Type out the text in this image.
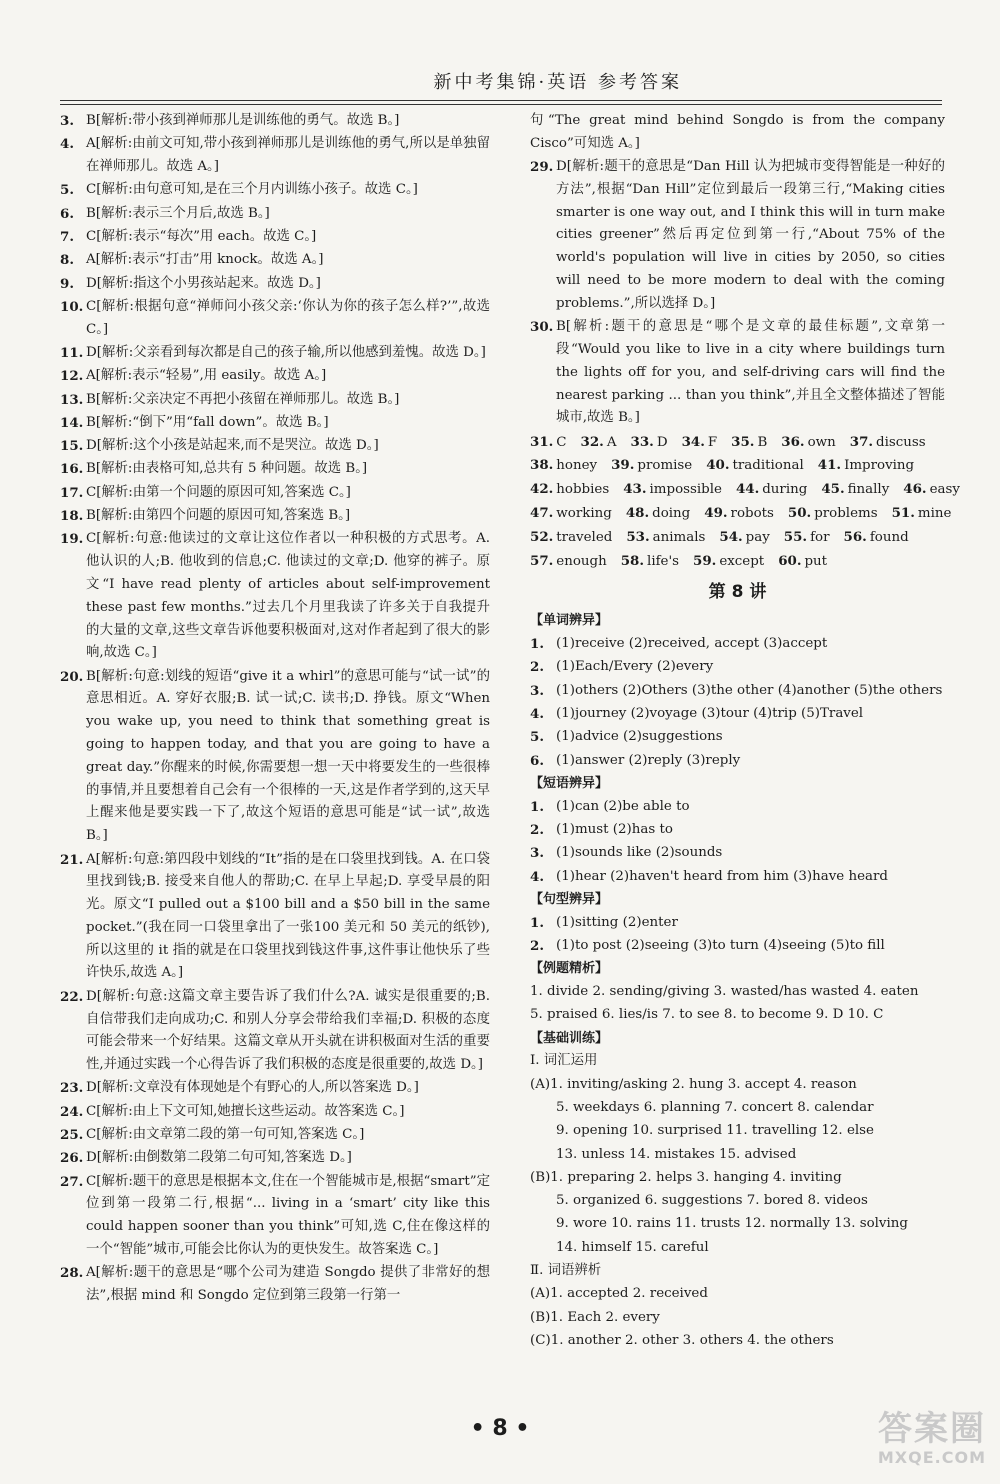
新中考集锦·英语 参考答案
3. B[解析:带小孩到禅师那儿是训练他的勇气。故选 B。]
4. A[解析:由前文可知,带小孩到禅师那儿是训练他的勇气,所以是单独留在禅师那儿。故选 A。]
5. C[解析:由句意可知,是在三个月内训练小孩子。故选 C。]
6. B[解析:表示三个月后,故选 B。]
7. C[解析:表示“每次”用 each。故选 C。]
8. A[解析:表示“打击”用 knock。故选 A。]
9. D[解析:指这个小男孩站起来。故选 D。]
10. C[解析:根据句意“禅师问小孩父亲:‘你认为你的孩子怎么样?’”,故选 C。]
11. D[解析:父亲看到每次都是自己的孩子输,所以他感到羞愧。故选 D。]
12. A[解析:表示“轻易”,用 easily。故选 A。]
13. B[解析:父亲决定不再把小孩留在禅师那儿。故选 B。]
14. B[解析:“倒下”用“fall down”。故选 B。]
15. D[解析:这个小孩是站起来,而不是哭泣。故选 D。]
16. B[解析:由表格可知,总共有 5 种问题。故选 B。]
17. C[解析:由第一个问题的原因可知,答案选 C。]
18. B[解析:由第四个问题的原因可知,答案选 B。]
19. C[解析:句意:他读过的文章让这位作者以一种积极的方式思考。A. 他认识的人;B. 他收到的信息;C. 他读过的文章;D. 他穿的裤子。原文“I have read plenty of articles about self-improvement these past few months.”过去几个月里我读了许多关于自我提升的大量的文章,这些文章告诉他要积极面对,这对作者起到了很大的影响,故选 C。]
20. B[解析:句意:划线的短语“give it a whirl”的意思可能与“试一试”的意思相近。A. 穿好衣服;B. 试一试;C. 读书;D. 挣钱。原文“When you wake up, you need to think that something great is going to happen today, and that you are going to have a great day.”你醒来的时候,你需要想一想一天中将要发生的一些很棒的事情,并且要想着自己会有一个很棒的一天,这是作者学到的,这天早上醒来他是要实践一下了,故这个短语的意思可能是“试一试”,故选 B。]
21. A[解析:句意:第四段中划线的“It”指的是在口袋里找到钱。A. 在口袋里找到钱;B. 接受来自他人的帮助;C. 在早上早起;D. 享受早晨的阳光。原文“I pulled out a $100 bill and a $50 bill in the same pocket.”(我在同一口袋里拿出了一张100 美元和 50 美元的纸钞),所以这里的 it 指的就是在口袋里找到钱这件事,这件事让他快乐了些许快乐,故选 A。]
22. D[解析:句意:这篇文章主要告诉了我们什么?A. 诚实是很重要的;B. 自信带我们走向成功;C. 和别人分享会带给我们幸福;D. 积极的态度可能会带来一个好结果。这篇文章从开头就在讲积极面对生活的重要性,并通过实践一个心得告诉了我们积极的态度是很重要的,故选 D。]
23. D[解析:文章没有体现她是个有野心的人,所以答案选 D。]
24. C[解析:由上下文可知,她擅长这些运动。故答案选 C。]
25. C[解析:由文章第二段的第一句可知,答案选 C。]
26. D[解析:由倒数第二段第二句可知,答案选 D。]
27. C[解析:题干的意思是根据本文,住在一个智能城市是,根据“smart”定位到第一段第二行,根据“... living in a ‘smart’ city like this could happen sooner than you think”可知,选 C,住在像这样的一个“智能”城市,可能会比你认为的更快发生。故答案选 C。]
28. A[解析:题干的意思是“哪个公司为建造 Songdo 提供了非常好的想法”,根据 mind 和 Songdo 定位到第三段第一行第一
句“The great mind behind Songdo is from the company Cisco”可知选 A。]
29. D[解析:题干的意思是“Dan Hill 认为把城市变得智能是一种好的方法”,根据“Dan Hill”定位到最后一段第三行,“Making cities smarter is one way out, and I think this will in turn make cities greener”然后再定位到第一行,“About 75% of the world's population will live in cities by 2050, so cities will need to be more modern to deal with the coming problems.”,所以选择 D。]
30. B[解析:题干的意思是“哪个是文章的最佳标题”,文章第一段“Would you like to live in a city where buildings turn the lights off for you, and self-driving cars will find the nearest parking ... than you think”,并且全文整体描述了智能城市,故选 B。]
31. C 32. A 33. D 34. F 35. B 36. own 37. discuss
38. honey 39. promise 40. traditional 41. Improving
42. hobbies 43. impossible 44. during 45. finally 46. easy
47. working 48. doing 49. robots 50. problems 51. mine
52. traveled 53. animals 54. pay 55. for 56. found
57. enough 58. life's 59. except 60. put
第 8 讲
【单词辨异】
1. (1)receive (2)received, accept (3)accept
2. (1)Each/Every (2)every
3. (1)others (2)Others (3)the other (4)another (5)the others
4. (1)journey (2)voyage (3)tour (4)trip (5)Travel
5. (1)advice (2)suggestions
6. (1)answer (2)reply (3)reply
【短语辨异】
1. (1)can (2)be able to
2. (1)must (2)has to
3. (1)sounds like (2)sounds
4. (1)hear (2)haven't heard from him (3)have heard
【句型辨异】
1. (1)sitting (2)enter
2. (1)to post (2)seeing (3)to turn (4)seeing (5)to fill
【例题精析】
1. divide 2. sending/giving 3. wasted/has wasted 4. eaten
5. praised 6. lies/is 7. to see 8. to become 9. D 10. C
【基础训练】
Ⅰ. 词汇运用
(A)1. inviting/asking 2. hung 3. accept 4. reason
5. weekdays 6. planning 7. concert 8. calendar
9. opening 10. surprised 11. travelling 12. else
13. unless 14. mistakes 15. advised
(B)1. preparing 2. helps 3. hanging 4. inviting
5. organized 6. suggestions 7. bored 8. videos
9. wore 10. rains 11. trusts 12. normally 13. solving
14. himself 15. careful
Ⅱ. 词语辨析
(A)1. accepted 2. received
(B)1. Each 2. every
(C)1. another 2. other 3. others 4. the others
• 8 •	答案圈
MXQE.COM
